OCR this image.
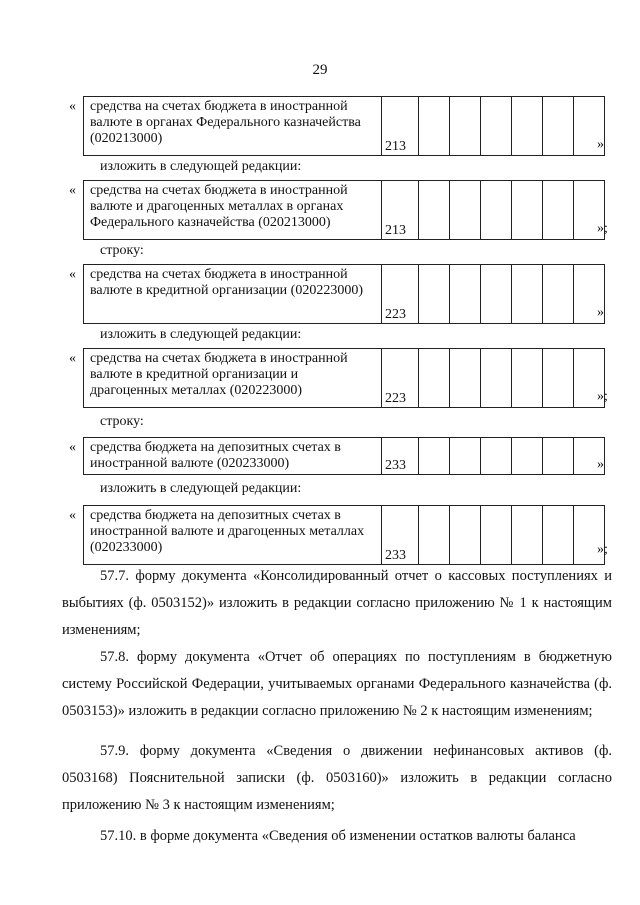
29
« средства на счетах бюджета в иностранной валюте в органах Федерального казначейства (020213000)	213							»
изложить в следующей редакции:
« средства на счетах бюджета в иностранной валюте и драгоценных металлах в органах Федерального казначейства (020213000)	213							»;
строку:
« средства на счетах бюджета в иностранной валюте в кредитной организации (020223000)	223							»
изложить в следующей редакции:
« средства на счетах бюджета в иностранной валюте в кредитной организации и драгоценных металлах (020223000)	223							»;
строку:
« средства бюджета на депозитных счетах в иностранной валюте (020233000)	233							»
изложить в следующей редакции:
« средства бюджета на депозитных счетах в иностранной валюте и драгоценных металлах (020233000)	233							»;
57.7. форму документа «Консолидированный отчет о кассовых поступлениях и выбытиях (ф. 0503152)» изложить в редакции согласно приложению № 1 к настоящим изменениям;
57.8. форму документа «Отчет об операциях по поступлениям в бюджетную систему Российской Федерации, учитываемых органами Федерального казначейства (ф. 0503153)» изложить в редакции согласно приложению № 2 к настоящим изменениям;
57.9. форму документа «Сведения о движении нефинансовых активов (ф. 0503168) Пояснительной записки (ф. 0503160)» изложить в редакции согласно приложению № 3 к настоящим изменениям;
57.10. в форме документа «Сведения об изменении остатков валюты баланса
